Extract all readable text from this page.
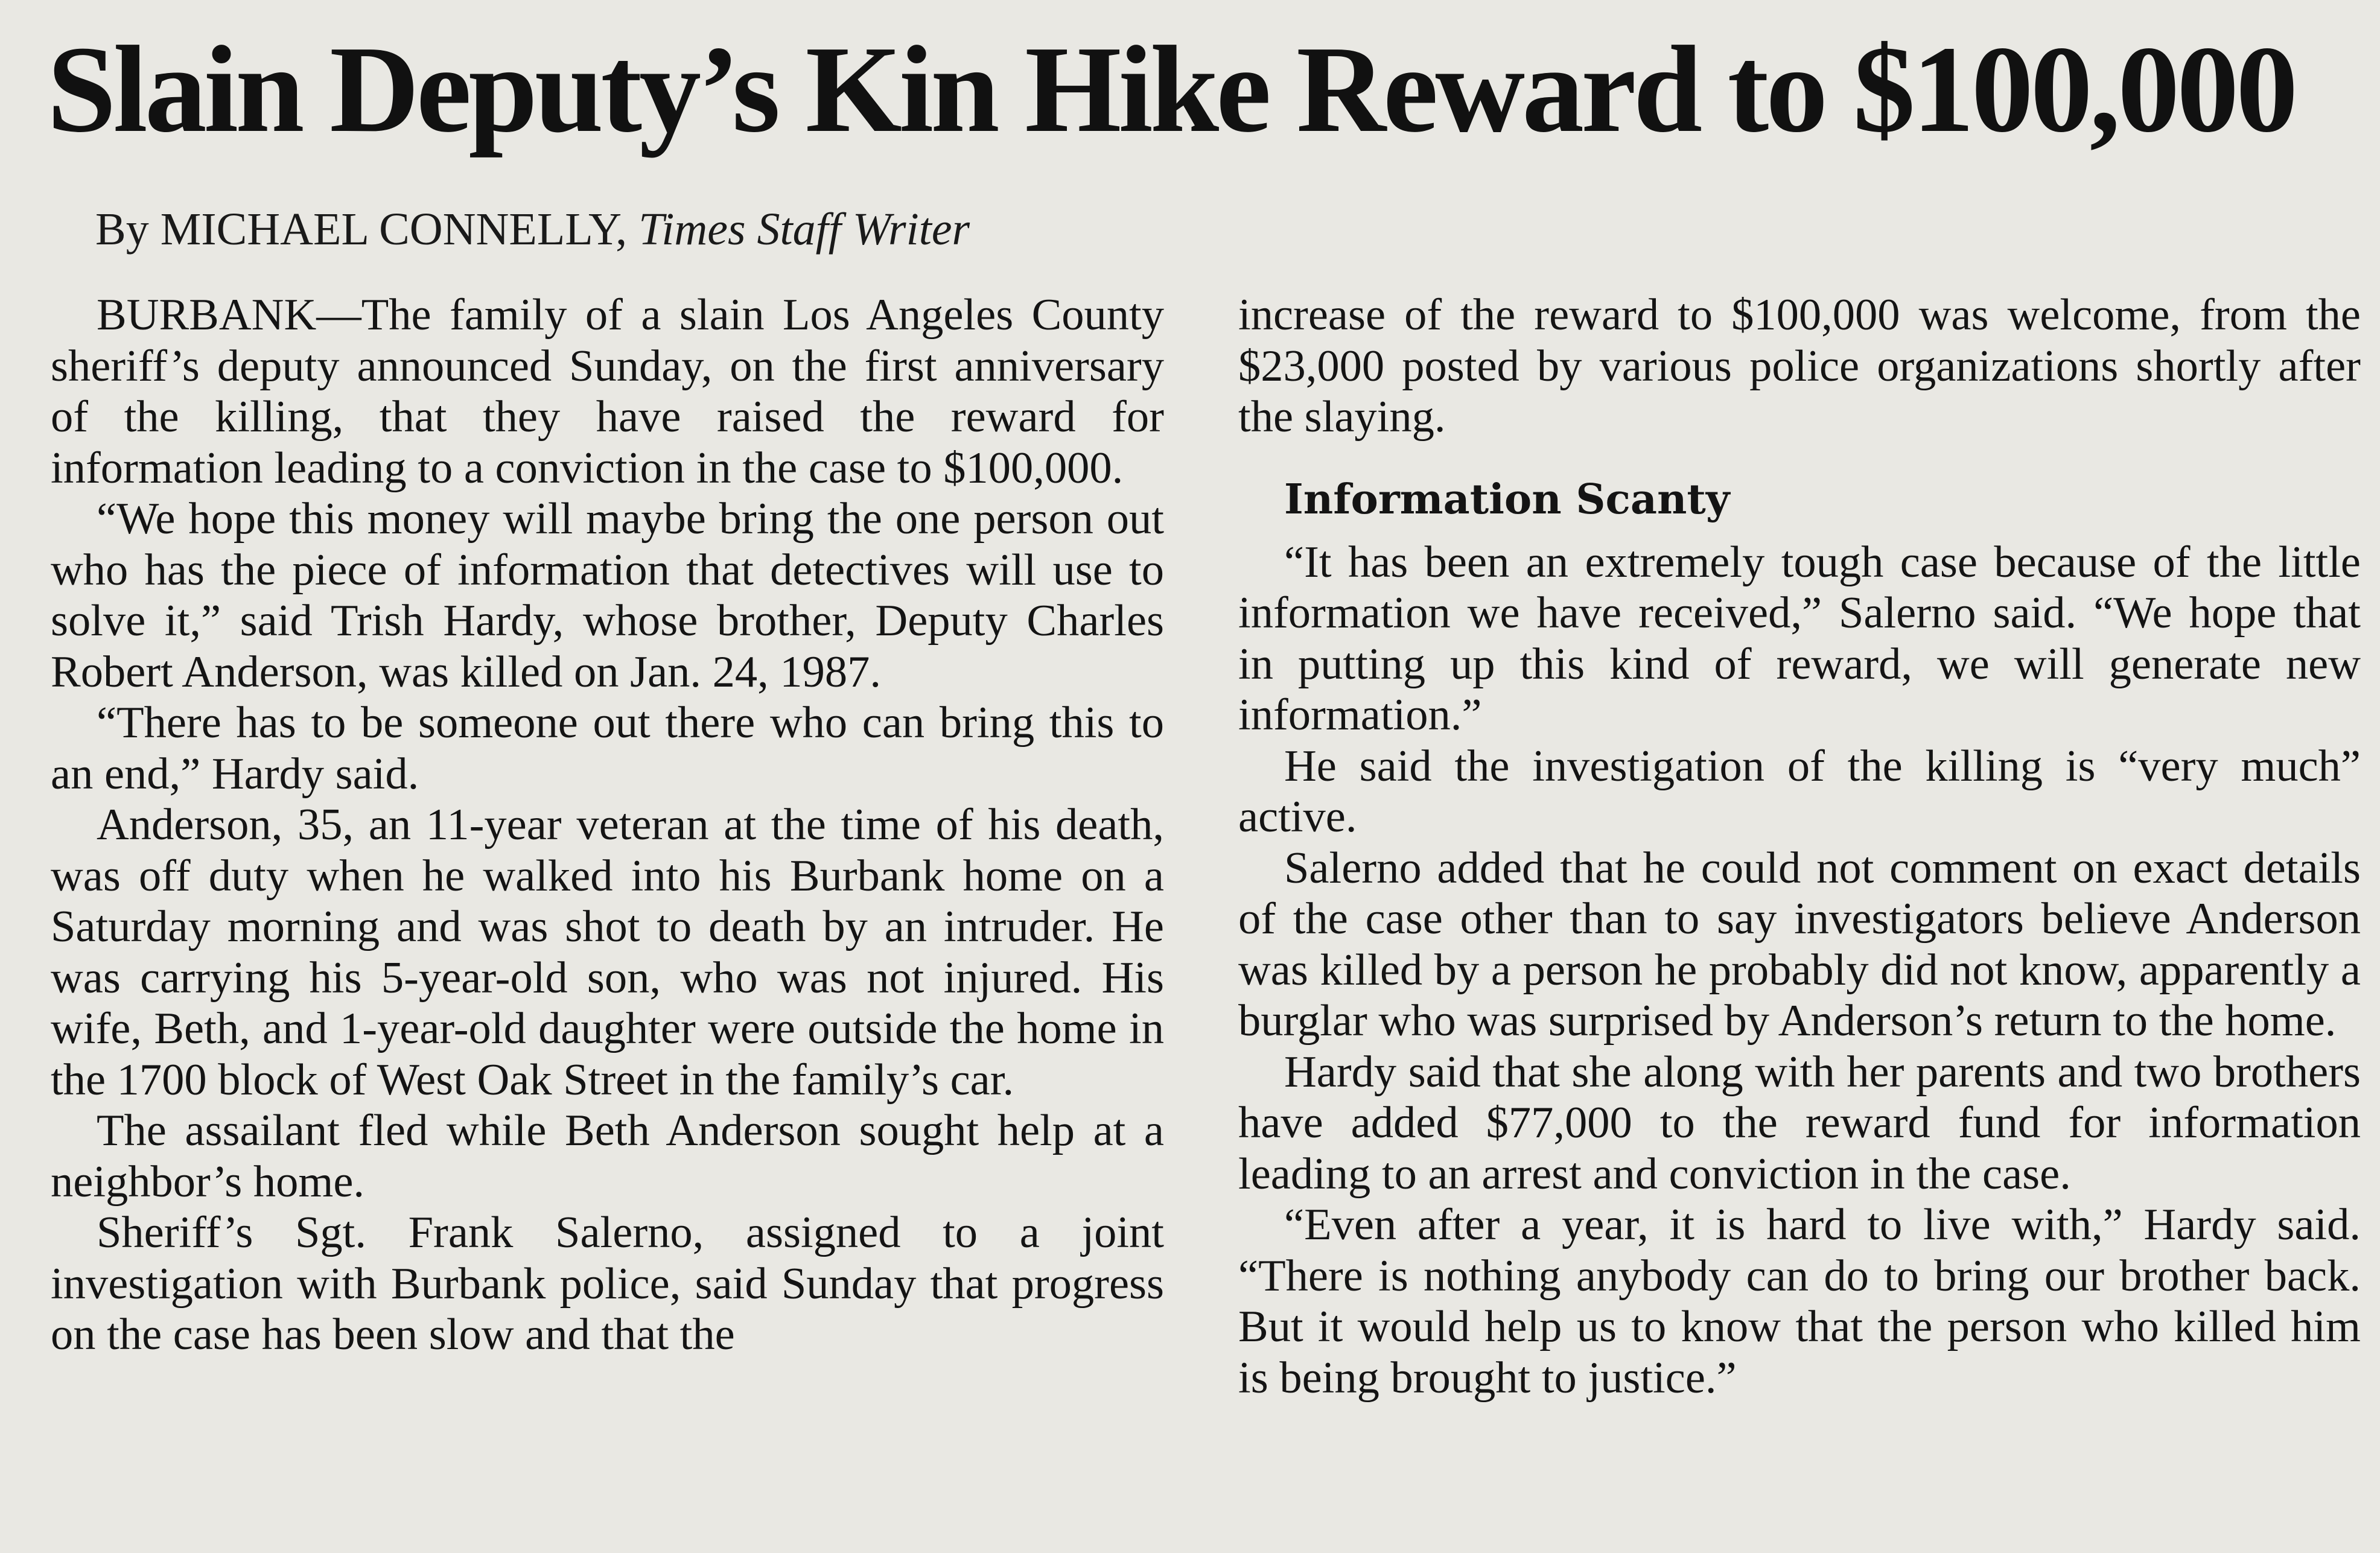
Slain Deputy’s Kin Hike Reward to $100,000
By MICHAEL CONNELLY, Times Staff Writer

BURBANK—The family of a slain Los Angeles County sheriff’s deputy announced Sunday, on the first anniversary of the killing, that they have raised the reward for information leading to a conviction in the case to $100,000.

“We hope this money will maybe bring the one person out who has the piece of information that detectives will use to solve it,” said Trish Hardy, whose brother, Deputy Charles Robert Anderson, was killed on Jan. 24, 1987.

“There has to be someone out there who can bring this to an end,” Hardy said.

Anderson, 35, an 11-year veteran at the time of his death, was off duty when he walked into his Burbank home on a Saturday morning and was shot to death by an intruder. He was carrying his 5-year-old son, who was not injured. His wife, Beth, and 1-year-old daughter were outside the home in the 1700 block of West Oak Street in the family’s car.

The assailant fled while Beth Anderson sought help at a neighbor’s home.

Sheriff’s Sgt. Frank Salerno, assigned to a joint investigation with Burbank police, said Sunday that progress on the case has been slow and that the

increase of the reward to $100,000 was welcome, from the $23,000 posted by various police organizations shortly after the slaying.

Information Scanty

“It has been an extremely tough case because of the little information we have received,” Salerno said. “We hope that in putting up this kind of reward, we will generate new information.”

He said the investigation of the killing is “very much” active.

Salerno added that he could not comment on exact details of the case other than to say investigators believe Anderson was killed by a person he probably did not know, apparently a burglar who was surprised by Anderson’s return to the home.

Hardy said that she along with her parents and two brothers have added $77,000 to the reward fund for information leading to an arrest and conviction in the case.

“Even after a year, it is hard to live with,” Hardy said. “There is nothing anybody can do to bring our brother back. But it would help us to know that the person who killed him is being brought to justice.”
